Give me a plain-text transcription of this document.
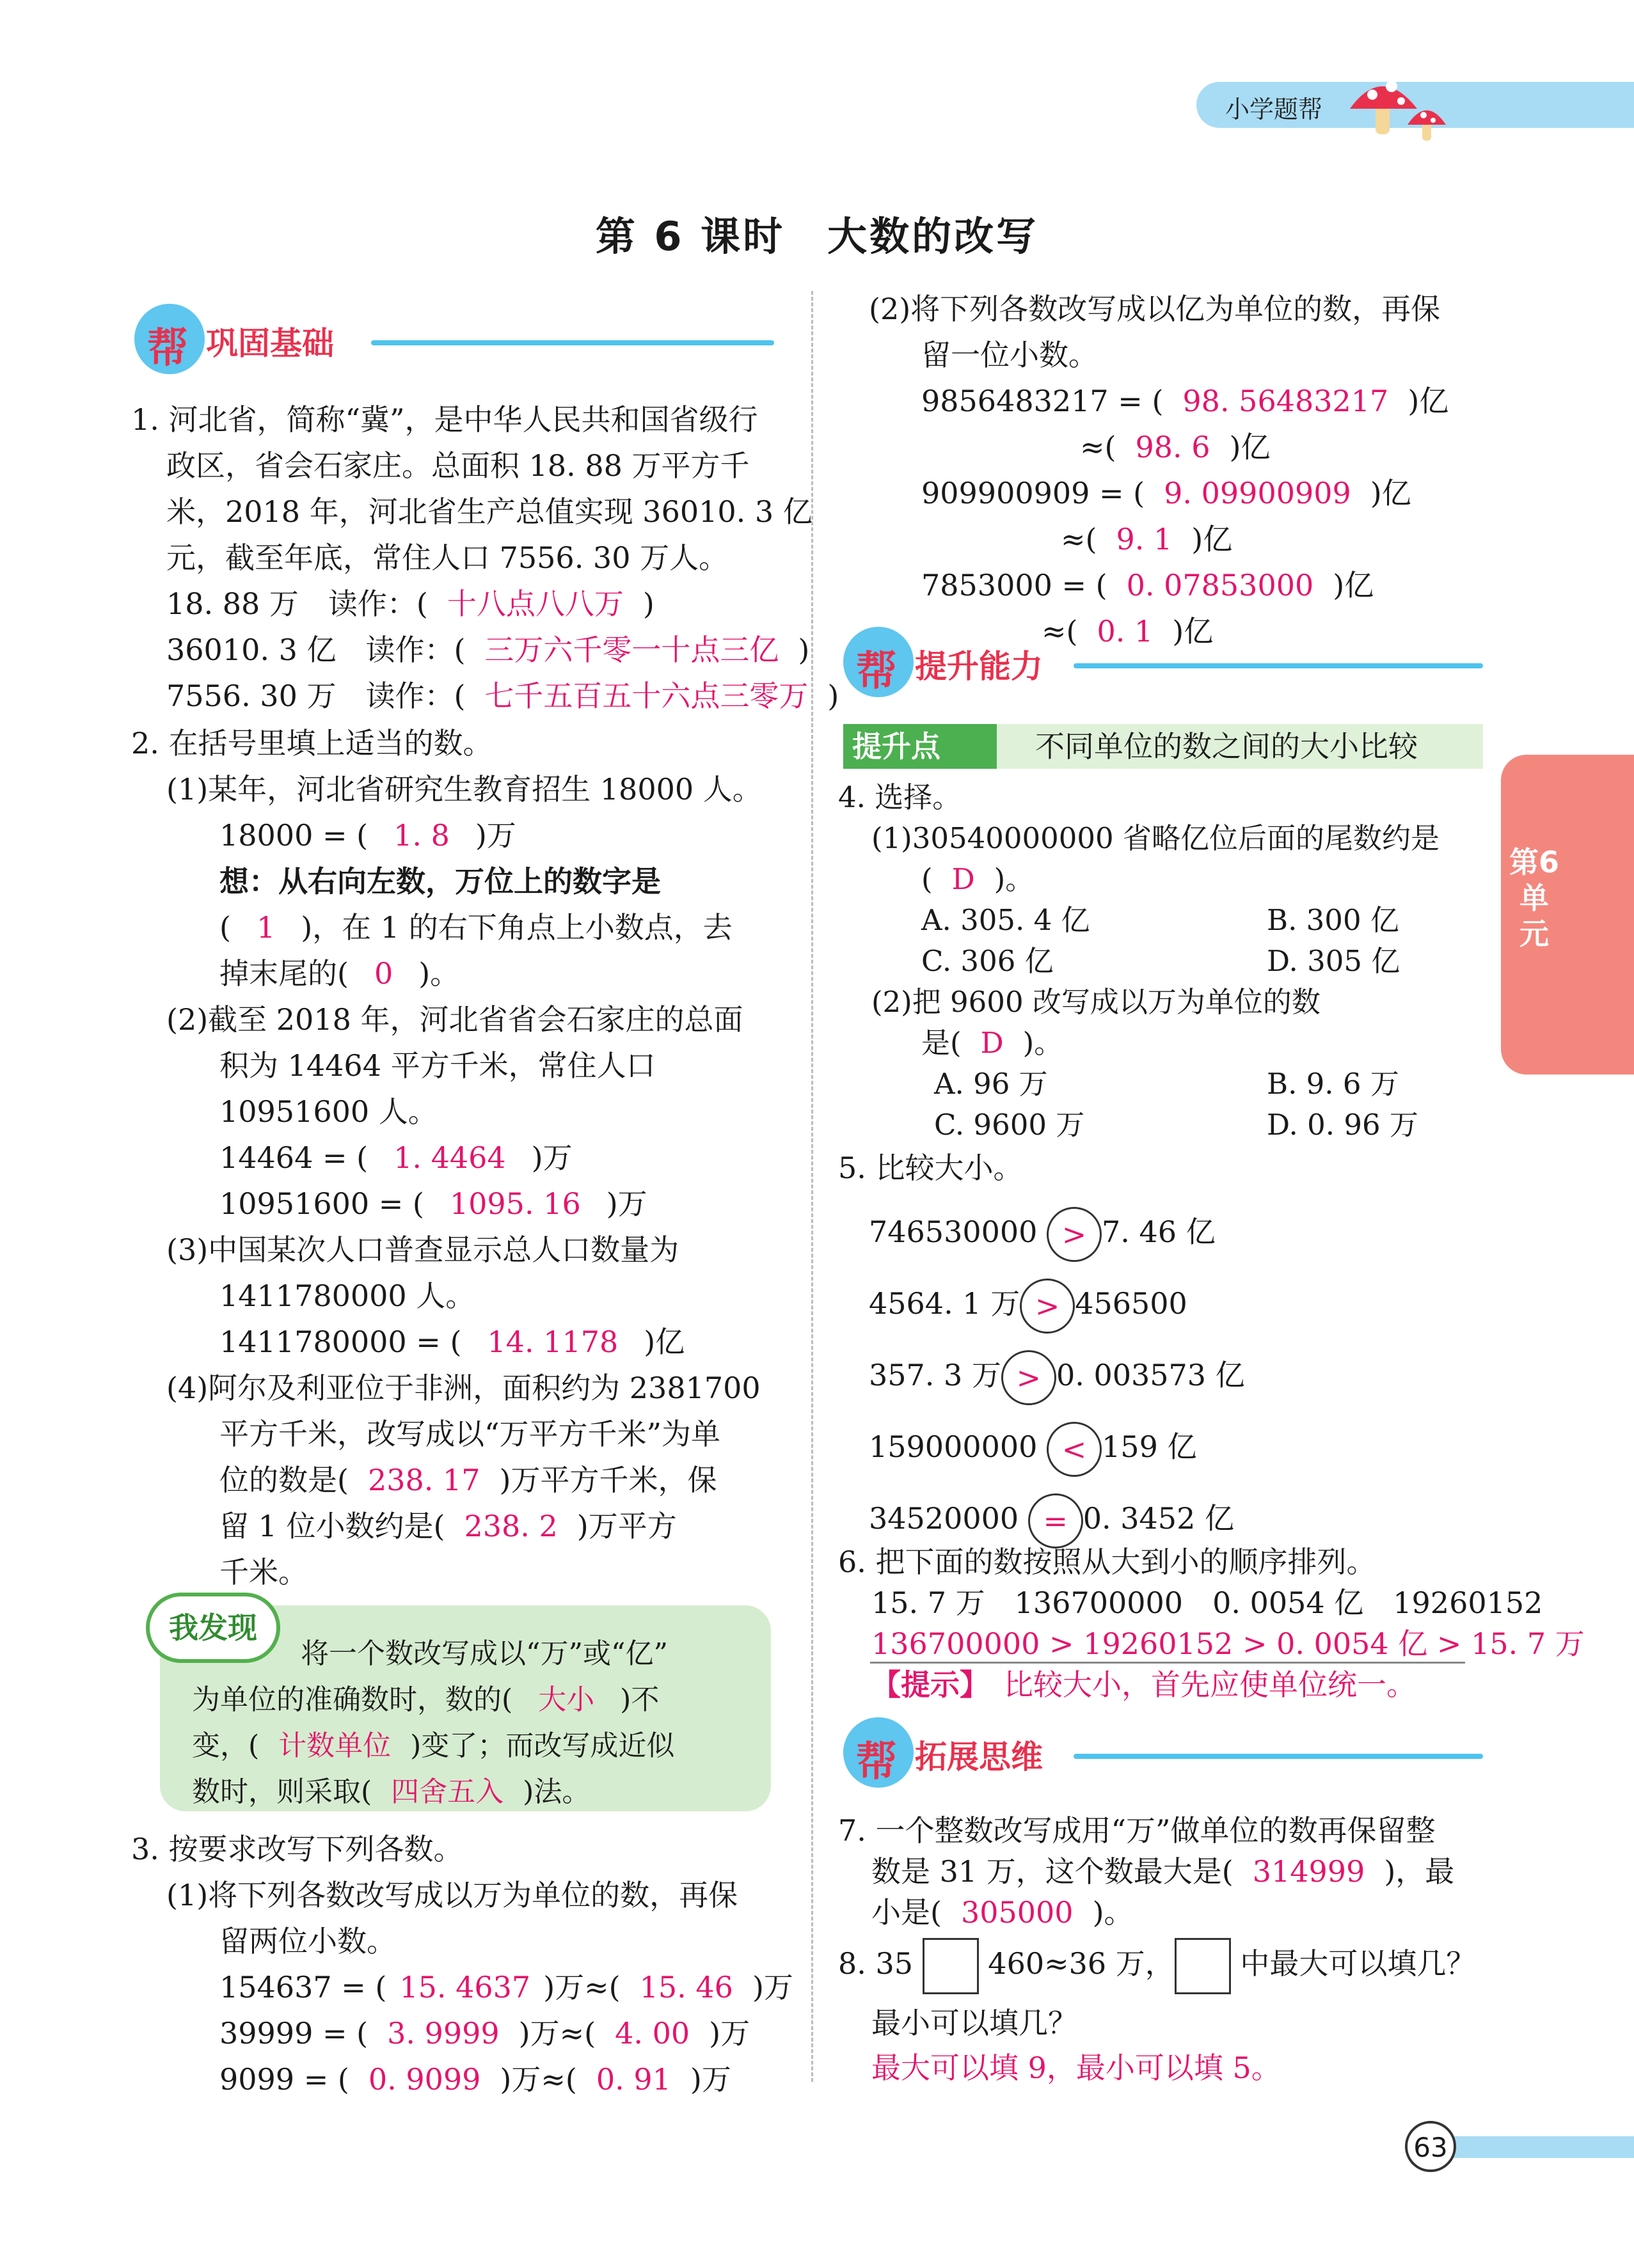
小学题帮
第 6 课时　大数的改写
第6单元
帮 巩固基础
1. 河北省，简称“冀”，是中华人民共和国省级行
政区，省会石家庄。总面积 18. 88 万平方千
米，2018 年，河北省生产总值实现 36010. 3 亿
元，截至年底，常住人口 7556. 30 万人。
18. 88 万　读作：( 十八点八八万 )
36010. 3 亿　读作：( 三万六千零一十点三亿 )
7556. 30 万　读作：( 七千五百五十六点三零万 )
2. 在括号里填上适当的数。
(1)某年，河北省研究生教育招生 18000 人。
18000 = ( 1. 8 )万
想：从右向左数，万位上的数字是
( 1 )，在 1 的右下角点上小数点，去
掉末尾的( 0 )。
(2)截至 2018 年，河北省省会石家庄的总面
积为 14464 平方千米，常住人口
10951600 人。
14464 = ( 1. 4464 )万
10951600 = ( 1095. 16 )万
(3)中国某次人口普查显示总人口数量为
1411780000 人。
1411780000 = ( 14. 1178 )亿
(4)阿尔及利亚位于非洲，面积约为 2381700
平方千米，改写成以“万平方千米”为单
位的数是( 238. 17 )万平方千米，保
留 1 位小数约是( 238. 2 )万平方
千米。
我发现
将一个数改写成以“万”或“亿”
为单位的准确数时，数的( 大小 )不
变，( 计数单位 )变了；而改写成近似
数时，则采取( 四舍五入 )法。
3. 按要求改写下列各数。
(1)将下列各数改写成以万为单位的数，再保
留两位小数。
154637 = ( 15. 4637 )万≈( 15. 46 )万
39999 = ( 3. 9999 )万≈( 4. 00 )万
9099 = ( 0. 9099 )万≈( 0. 91 )万
(2)将下列各数改写成以亿为单位的数，再保
留一位小数。
9856483217 = ( 98. 56483217 )亿
≈( 98. 6 )亿
909900909 = ( 9. 09900909 )亿
≈( 9. 1 )亿
7853000 = ( 0. 07853000 )亿
≈( 0. 1 )亿
帮 提升能力
提升点	不同单位的数之间的大小比较
4. 选择。
(1)30540000000 省略亿位后面的尾数约是
( D )。
A. 305. 4 亿	B. 300 亿
C. 306 亿	D. 305 亿
(2)把 9600 改写成以万为单位的数
是( D )。
A. 96 万	B. 9. 6 万
C. 9600 万	D. 0. 96 万
5. 比较大小。
746530000 > 7. 46 亿
4564. 1 万 > 456500
357. 3 万 > 0. 003573 亿
159000000 < 159 亿
34520000 = 0. 3452 亿
6. 把下面的数按照从大到小的顺序排列。
15. 7 万　136700000　0. 0054 亿　19260152
136700000 > 19260152 > 0. 0054 亿 > 15. 7 万
【提示】　 比较大小，首先应使单位统一。
帮 拓展思维
7. 一个整数改写成用“万”做单位的数再保留整
数是 31 万，这个数最大是( 314999 )，最
小是( 305000 )。
8. 35	460≈36 万， 中最大可以填几？
最小可以填几？
最大可以填 9，最小可以填 5。
63
